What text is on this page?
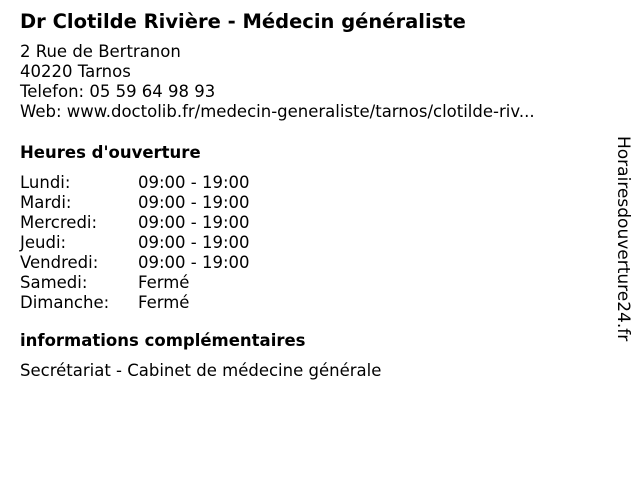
Dr Clotilde Rivière - Médecin généraliste
2 Rue de Bertranon
40220 Tarnos
Telefon: 05 59 64 98 93
Web: www.doctolib.fr/medecin-generaliste/tarnos/clotilde-riv...
Heures d'ouverture
Lundi:	09:00 - 19:00
Mardi:	09:00 - 19:00
Mercredi: 09:00 - 19:00
Jeudi:	09:00 - 19:00
Vendredi: 09:00 - 19:00
Samedi:	Fermé
Dimanche: Fermé
informations complémentaires
Secrétariat - Cabinet de médecine générale
Horairesdouverture24.fr
